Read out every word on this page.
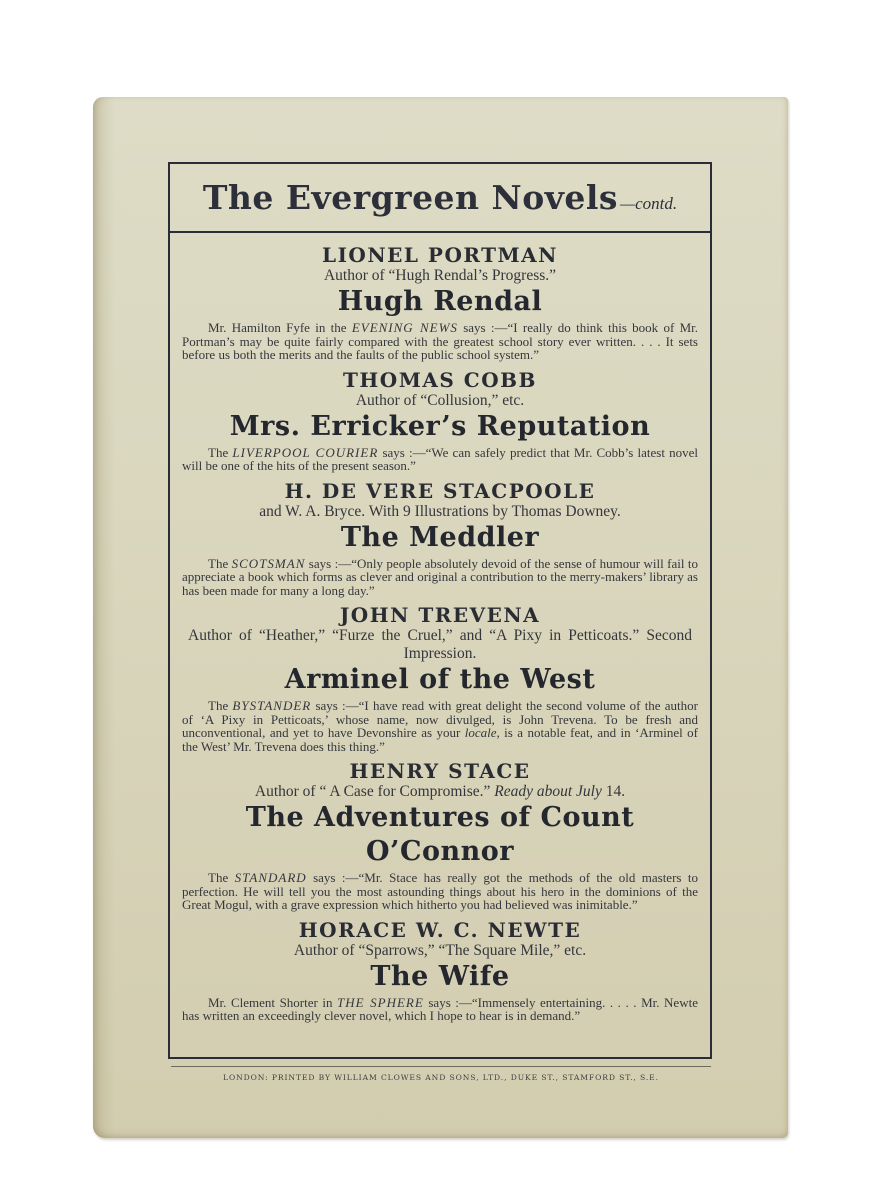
The Evergreen Novels —contd.
LIONEL PORTMAN
Author of “Hugh Rendal’s Progress.”
Hugh Rendal
Mr. Hamilton Fyfe in the EVENING NEWS says :—“I really do think this book of Mr. Portman’s may be quite fairly compared with the greatest school story ever written. . . . It sets before us both the merits and the faults of the public school system.”
THOMAS COBB
Author of “Collusion,” etc.
Mrs. Erricker’s Reputation
The LIVERPOOL COURIER says :—“We can safely predict that Mr. Cobb’s latest novel will be one of the hits of the present season.”
H. DE VERE STACPOOLE
and W. A. Bryce. With 9 Illustrations by Thomas Downey.
The Meddler
The SCOTSMAN says :—“Only people absolutely devoid of the sense of humour will fail to appreciate a book which forms as clever and original a contribution to the merry-makers’ library as has been made for many a long day.”
JOHN TREVENA
Author of “Heather,” “Furze the Cruel,” and “A Pixy in Petticoats.” Second Impression.
Arminel of the West
The BYSTANDER says :—“I have read with great delight the second volume of the author of ‘A Pixy in Petticoats,’ whose name, now divulged, is John Trevena. To be fresh and unconventional, and yet to have Devonshire as your locale, is a notable feat, and in ‘Arminel of the West’ Mr. Trevena does this thing.”
HENRY STACE
Author of “ A Case for Compromise.” Ready about July 14.
The Adventures of Count O’Connor
The STANDARD says :—“Mr. Stace has really got the methods of the old masters to perfection. He will tell you the most astounding things about his hero in the dominions of the Great Mogul, with a grave expression which hitherto you had believed was inimitable.”
HORACE W. C. NEWTE
Author of “Sparrows,” “The Square Mile,” etc.
The Wife
Mr. Clement Shorter in THE SPHERE says :—“Immensely entertaining. . . . . Mr. Newte has written an exceedingly clever novel, which I hope to hear is in demand.”
LONDON: PRINTED BY WILLIAM CLOWES AND SONS, LTD., DUKE ST., STAMFORD ST., S.E.
